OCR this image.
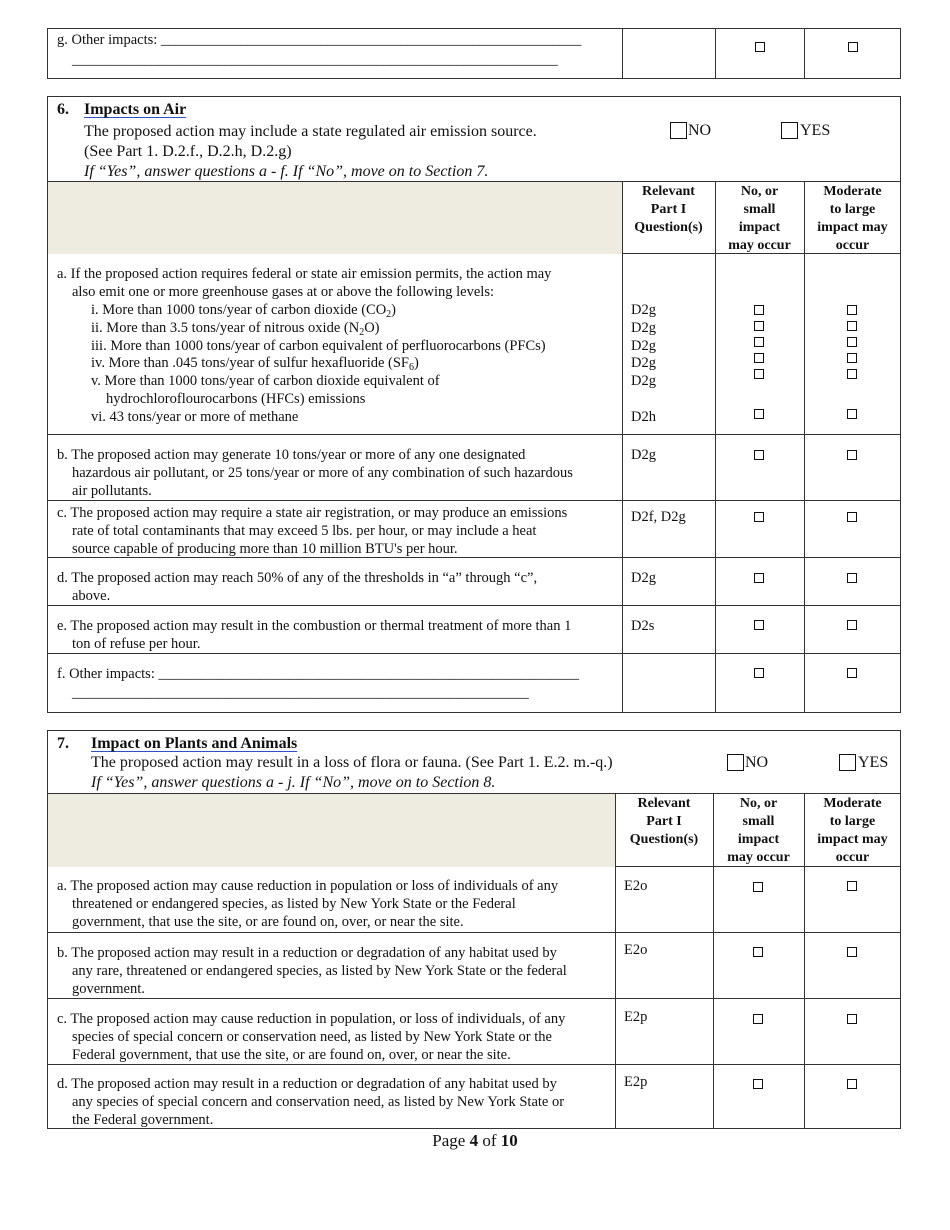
g. Other impacts: __________________________________________________________
___________________________________________________________________
6. Impacts on Air
The proposed action may include a state regulated air emission source.
(See Part 1. D.2.f., D.2.h, D.2.g)
If “Yes”, answer questions a - f. If “No”, move on to Section 7.
NO	YES
Relevant
Part I
Question(s)
No, or
small
impact
may occur
Moderate
to large
impact may
occur
a. If the proposed action requires federal or state air emission permits, the action may
also emit one or more greenhouse gases at or above the following levels:
i. More than 1000 tons/year of carbon dioxide $(CO_2)$
ii. More than 3.5 tons/year of nitrous oxide $(N_2O)$
iii. More than 1000 tons/year of carbon equivalent of perfluorocarbons (PFCs)
iv. More than .045 tons/year of sulfur hexafluoride $(SF_6)$
v. More than 1000 tons/year of carbon dioxide equivalent of
hydrochloroflourocarbons (HFCs) emissions
vi. 43 tons/year or more of methane
D2g
D2g
D2g
D2g
D2g
D2h
b. The proposed action may generate 10 tons/year or more of any one designated
hazardous air pollutant, or 25 tons/year or more of any combination of such hazardous
air pollutants.
D2g
c. The proposed action may require a state air registration, or may produce an emissions
rate of total contaminants that may exceed 5 lbs. per hour, or may include a heat
source capable of producing more than 10 million BTU's per hour.
D2f, D2g
d. The proposed action may reach 50% of any of the thresholds in “a” through “c”,
above.
D2g
e. The proposed action may result in the combustion or thermal treatment of more than 1
ton of refuse per hour.
D2s
f. Other impacts: __________________________________________________________
_______________________________________________________________
7. Impact on Plants and Animals
The proposed action may result in a loss of flora or fauna. (See Part 1. E.2. m.-q.)
If “Yes”, answer questions a - j. If “No”, move on to Section 8.
NO	YES
Relevant
Part I
Question(s)
No, or
small
impact
may occur
Moderate
to large
impact may
occur
a. The proposed action may cause reduction in population or loss of individuals of any
threatened or endangered species, as listed by New York State or the Federal
government, that use the site, or are found on, over, or near the site.
E2o
b. The proposed action may result in a reduction or degradation of any habitat used by
any rare, threatened or endangered species, as listed by New York State or the federal
government.
E2o
c. The proposed action may cause reduction in population, or loss of individuals, of any
species of special concern or conservation need, as listed by New York State or the
Federal government, that use the site, or are found on, over, or near the site.
E2p
d. The proposed action may result in a reduction or degradation of any habitat used by
any species of special concern and conservation need, as listed by New York State or
the Federal government.
E2p
Page 4 of 10
